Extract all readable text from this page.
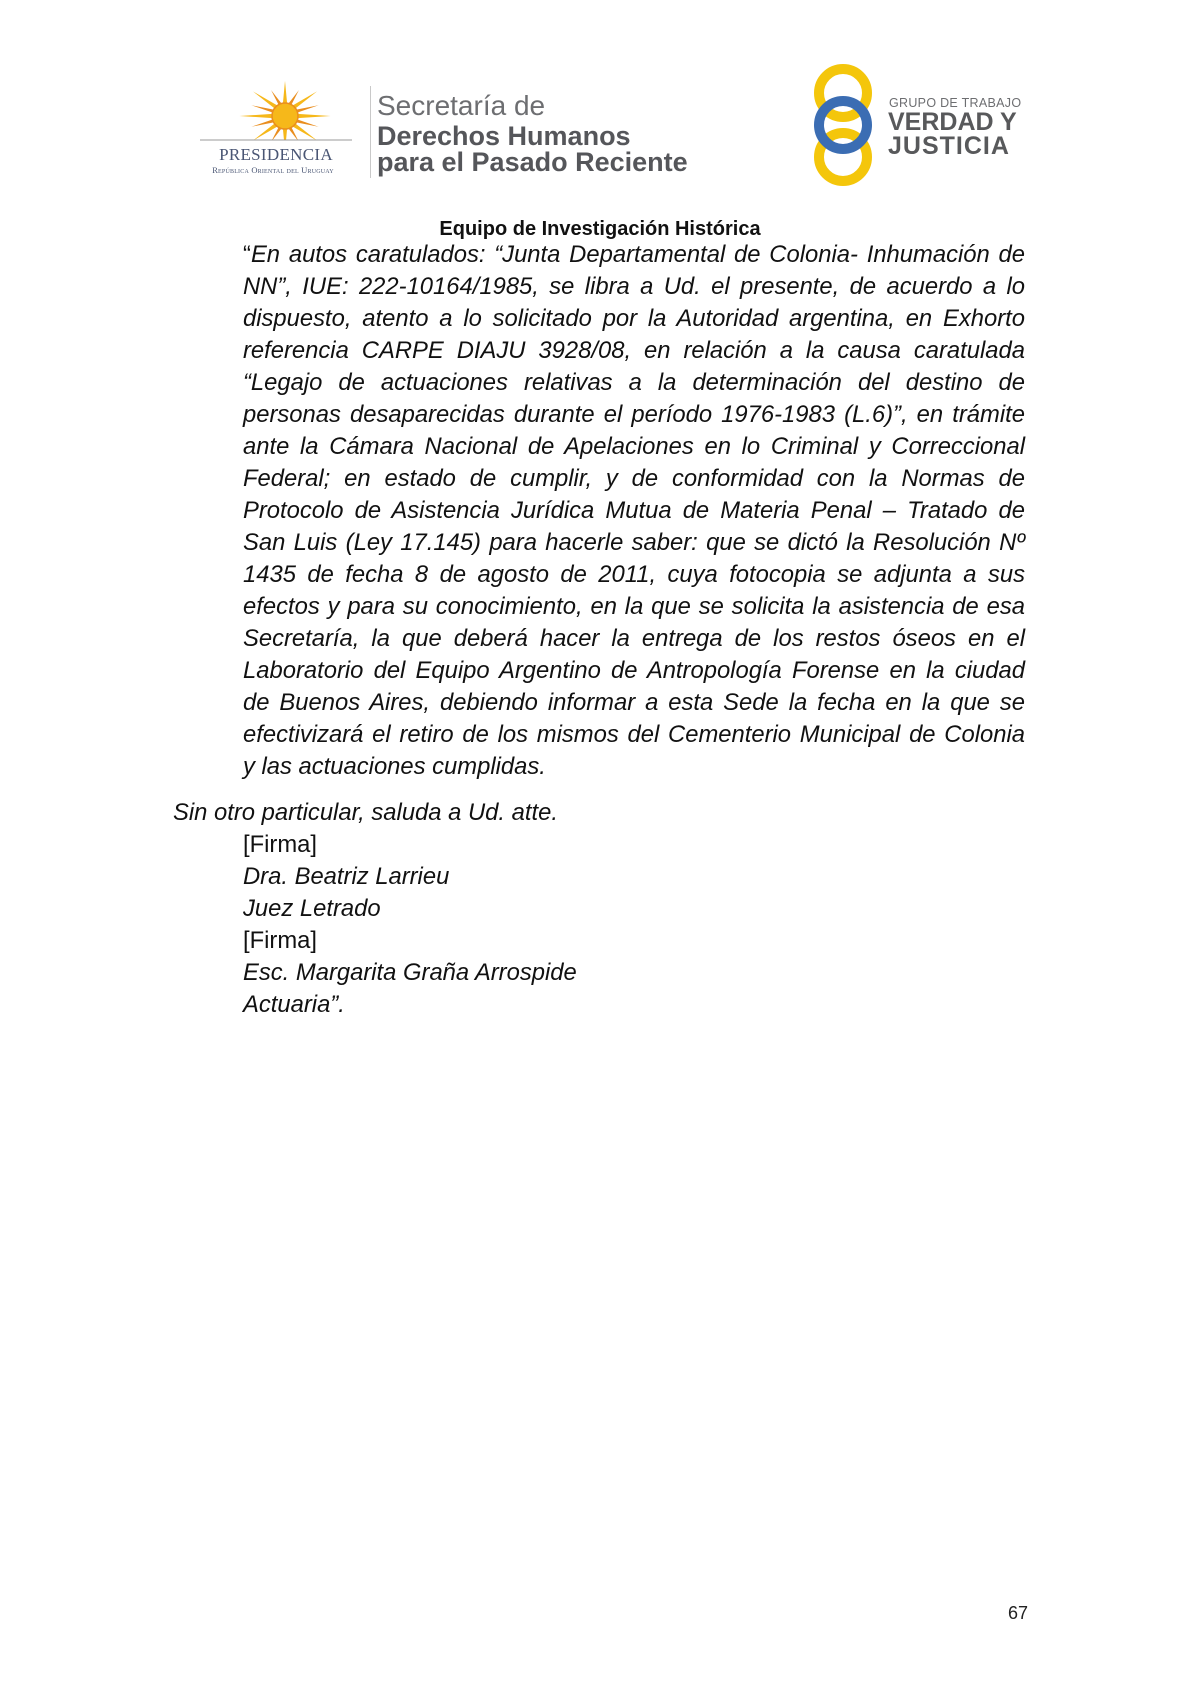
PRESIDENCIA
República Oriental del Uruguay
Secretaría de
Derechos Humanos
para el Pasado Reciente
GRUPO DE TRABAJO
VERDAD Y
JUSTICIA
Equipo de Investigación Histórica
“En autos caratulados: “Junta Departamental de Colonia- Inhumación de
NN”, IUE: 222-10164/1985, se libra a Ud. el presente, de acuerdo a lo
dispuesto, atento a lo solicitado por la Autoridad argentina, en Exhorto
referencia CARPE DIAJU 3928/08, en relación a la causa caratulada
“Legajo de actuaciones relativas a la determinación del destino de
personas desaparecidas durante el período 1976-1983 (L.6)”, en trámite
ante la Cámara Nacional de Apelaciones en lo Criminal y Correccional
Federal; en estado de cumplir, y de conformidad con la Normas de
Protocolo de Asistencia Jurídica Mutua de Materia Penal – Tratado de
San Luis (Ley 17.145) para hacerle saber: que se dictó la Resolución Nº
1435 de fecha 8 de agosto de 2011, cuya fotocopia se adjunta a sus
efectos y para su conocimiento, en la que se solicita la asistencia de esa
Secretaría, la que deberá hacer la entrega de los restos óseos en el
Laboratorio del Equipo Argentino de Antropología Forense en la ciudad
de Buenos Aires, debiendo informar a esta Sede la fecha en la que se
efectivizará el retiro de los mismos del Cementerio Municipal de Colonia
y las actuaciones cumplidas.
Sin otro particular, saluda a Ud. atte.
[Firma]
Dra. Beatriz Larrieu
Juez Letrado
[Firma]
Esc. Margarita Graña Arrospide
Actuaria”.
67
